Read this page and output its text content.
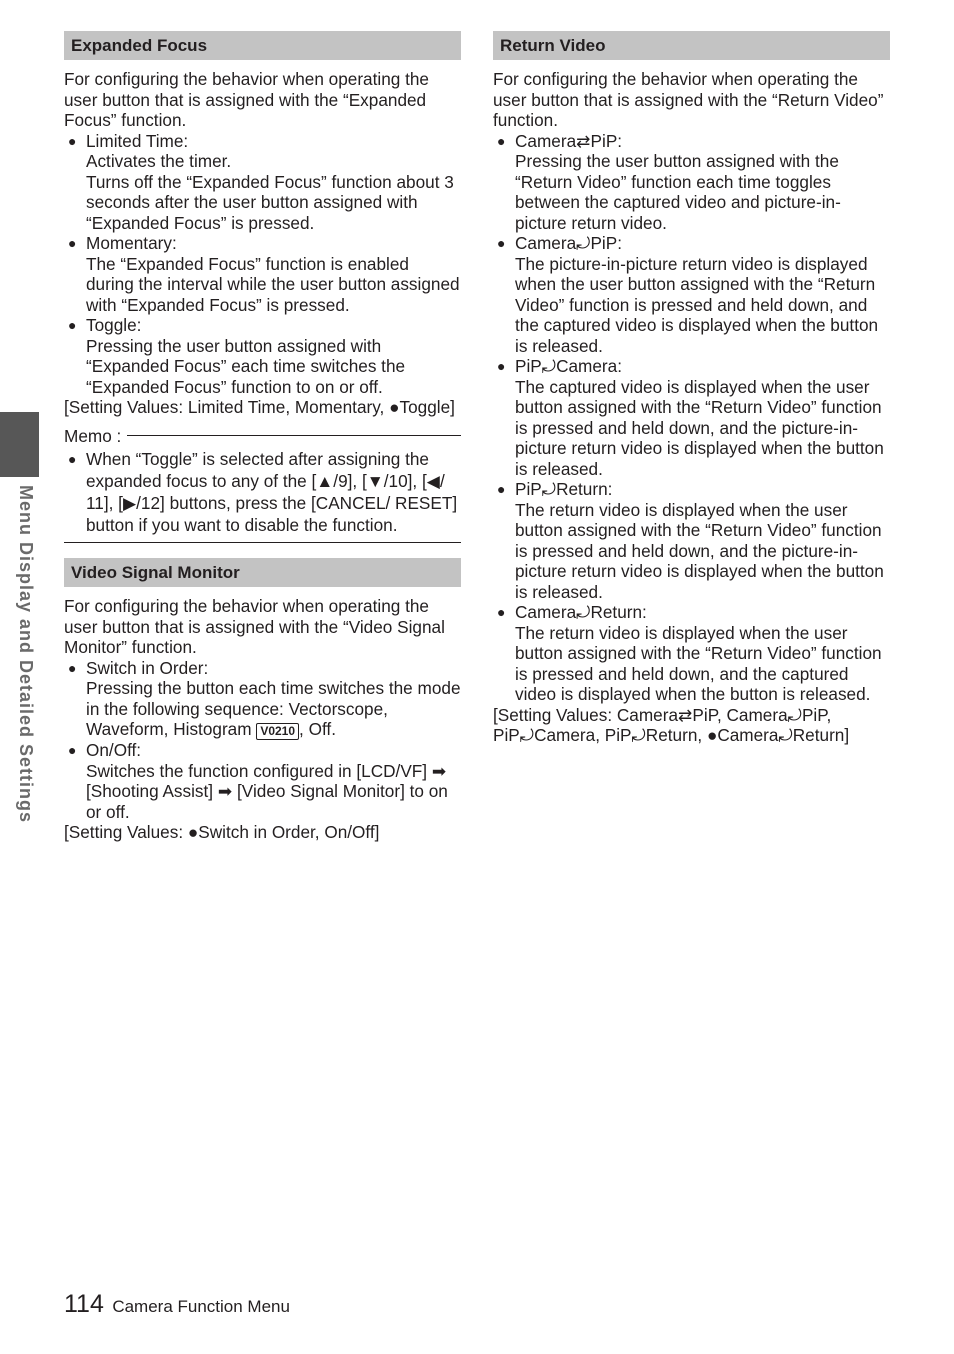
Menu Display and Detailed Settings
Expanded Focus

For configuring the behavior when operating the user button that is assigned with the “Expanded Focus” function.

● Limited Time:
Activates the timer.
Turns off the “Expanded Focus” function about 3 seconds after the user button assigned with “Expanded Focus” is pressed.
● Momentary:
The “Expanded Focus” function is enabled during the interval while the user button assigned with “Expanded Focus” is pressed.
● Toggle:
Pressing the user button assigned with “Expanded Focus” each time switches the “Expanded Focus” function to on or off.

[Setting Values: Limited Time, Momentary, ●Toggle]

Memo :
● When “Toggle” is selected after assigning the expanded focus to any of the [▲/9], [▼/10], [◀/ 11], [▶/12] buttons, press the [CANCEL/ RESET] button if you want to disable the function.
Video Signal Monitor

For configuring the behavior when operating the user button that is assigned with the “Video Signal Monitor” function.

● Switch in Order:
Pressing the button each time switches the mode in the following sequence: Vectorscope,
Waveform, Histogram V0210 , Off.
● On/Off:
Switches the function configured in [LCD/VF] ➡ [Shooting Assist] ➡ [Video Signal Monitor] to on or off.

[Setting Values: ●Switch in Order, On/Off]

Return Video

For configuring the behavior when operating the user button that is assigned with the “Return Video” function.

● Camera⇄PiP:
Pressing the user button assigned with the “Return Video” function each time toggles between the captured video and picture-in-picture return video.
● Camera⤾PiP:
The picture-in-picture return video is displayed when the user button assigned with the “Return Video” function is pressed and held down, and the captured video is displayed when the button is released.
● PiP⤾Camera:
The captured video is displayed when the user button assigned with the “Return Video” function is pressed and held down, and the picture-in-picture return video is displayed when the button is released.
● PiP⤾Return:
The return video is displayed when the user button assigned with the “Return Video” function is pressed and held down, and the picture-in-picture return video is displayed when the button is released.
● Camera⤾Return:
The return video is displayed when the user button assigned with the “Return Video” function is pressed and held down, and the captured video is displayed when the button is released.

[Setting Values: Camera⇄PiP, Camera⤾PiP, PiP⤾Camera, PiP⤾Return, ●Camera⤾Return]

114 Camera Function Menu
